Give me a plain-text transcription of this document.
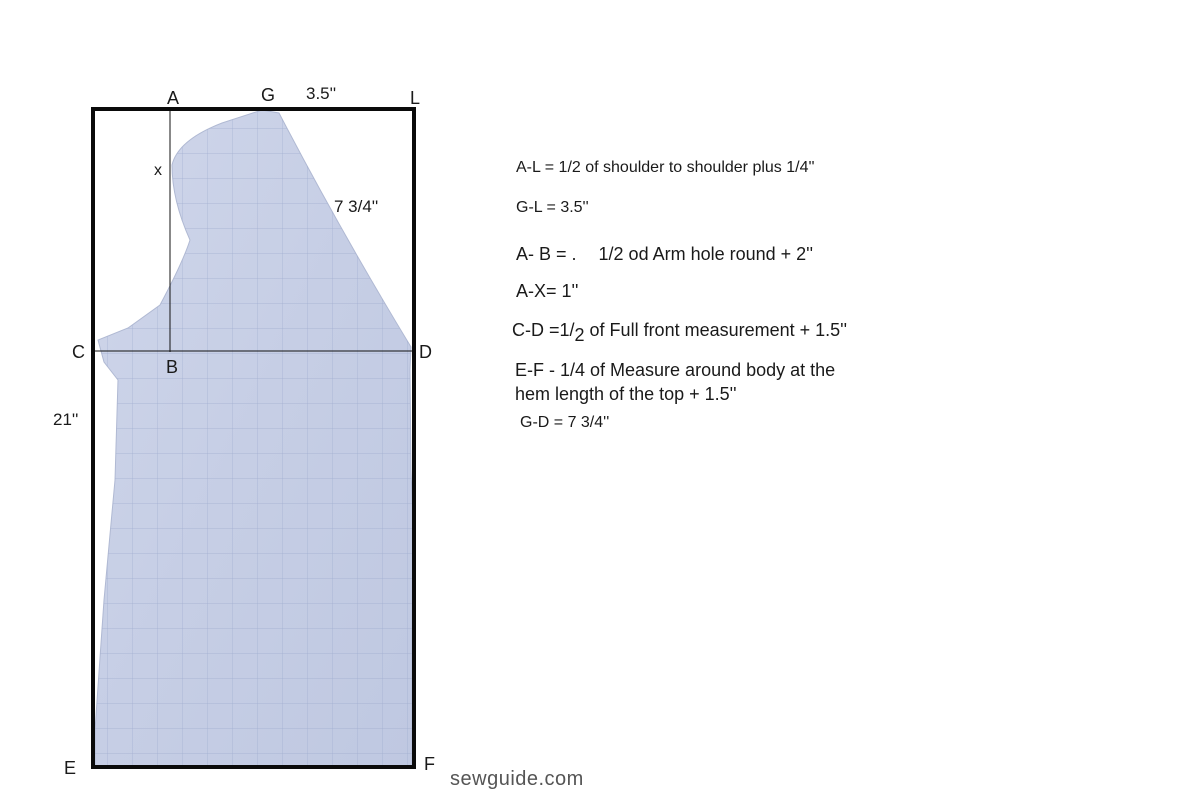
A	G	L
x
C
B
D
E	F
3.5''
7 3/4''
21''
A-L = 1/2 of shoulder to shoulder plus 1/4''
G-L = 3.5''
A- B = . 1/2 od Arm hole round + 2''
A-X= 1''
$C-D =1/_2$ of Full front measurement + 1.5''
E-F - 1/4 of Measure around body at the
hem length of the top + 1.5''
G-D = 7 3/4''
sewguide.com
